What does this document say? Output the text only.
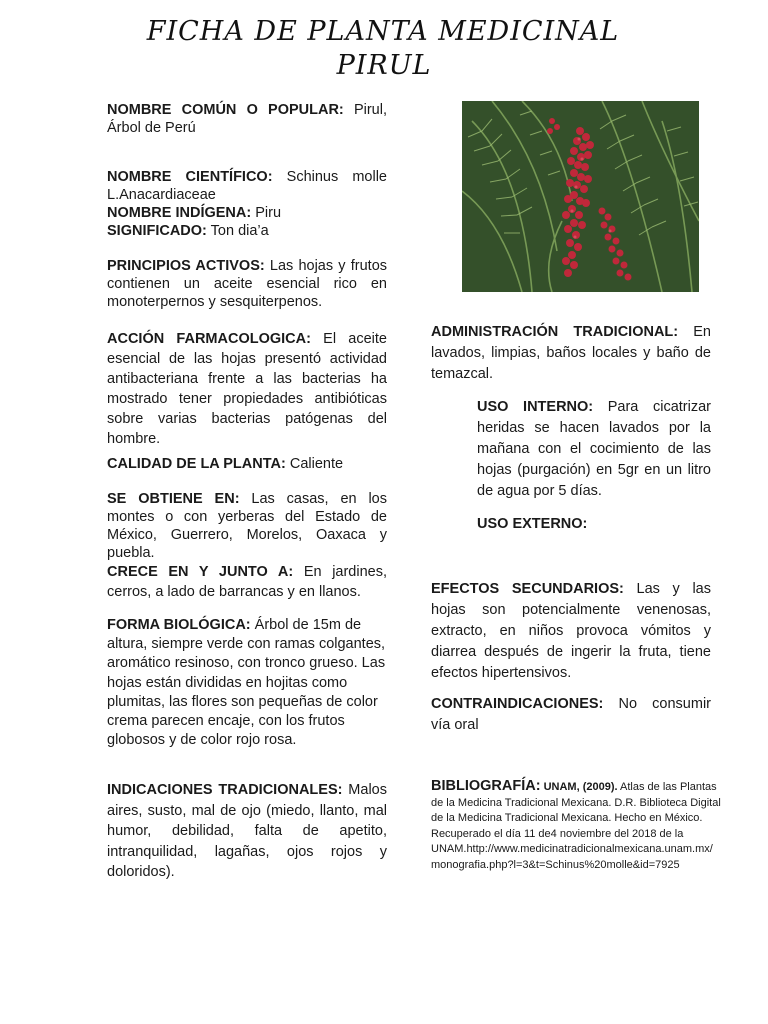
FICHA DE PLANTA MEDICINAL
PIRUL
NOMBRE COMÚN O POPULAR: Pirul, Árbol de Perú
NOMBRE CIENTÍFICO: Schinus molle L.Anacardiaceae
NOMBRE INDÍGENA: Piru
SIGNIFICADO: Ton dia’a
PRINCIPIOS ACTIVOS: Las hojas y frutos contienen un aceite esencial rico en monoterpernos y sesquiterpenos.
ACCIÓN FARMACOLOGICA: El aceite esencial de las hojas presentó actividad antibacteriana frente a las bacterias ha mostrado tener propiedades antibióticas sobre varias bacterias patógenas del hombre.
CALIDAD DE LA PLANTA: Caliente
SE OBTIENE EN: Las casas, en los montes o con yerberas del Estado de México, Guerrero, Morelos, Oaxaca y puebla.
CRECE EN Y JUNTO A: En jardines, cerros, a lado de barrancas y en llanos.
FORMA BIOLÓGICA: Árbol de 15m de altura, siempre verde con ramas colgantes, aromático resinoso, con tronco grueso. Las hojas están divididas en hojitas como plumitas, las flores son pequeñas de color crema parecen encaje, con los frutos globosos y de color rojo rosa.
INDICACIONES TRADICIONALES: Malos aires, susto, mal de ojo (miedo, llanto, mal humor, debilidad, falta de apetito, intranquilidad, lagañas, ojos rojos y doloridos).
ADMINISTRACIÓN TRADICIONAL: En lavados, limpias, baños locales y baño de temazcal.
USO INTERNO: Para cicatrizar heridas se hacen lavados por la mañana con el cocimiento de las hojas (purgación) en 5gr en un litro de agua por 5 días.
USO EXTERNO:
EFECTOS SECUNDARIOS: Las y las hojas son potencialmente venenosas, extracto, en niños provoca vómitos y diarrea después de ingerir la fruta, tiene efectos hipertensivos.
CONTRAINDICACIONES: No consumir vía oral
BIBLIOGRAFÍA: UNAM, (2009). Atlas de las Plantas de la Medicina Tradicional Mexicana. D.R. Biblioteca Digital de la Medicina Tradicional Mexicana. Hecho en México. Recuperado el día 11 de4 noviembre del 2018 de la UNAM.http://www.medicinatradicionalmexicana.unam.mx/monografia.php?l=3&t=Schinus%20molle&id=7925
